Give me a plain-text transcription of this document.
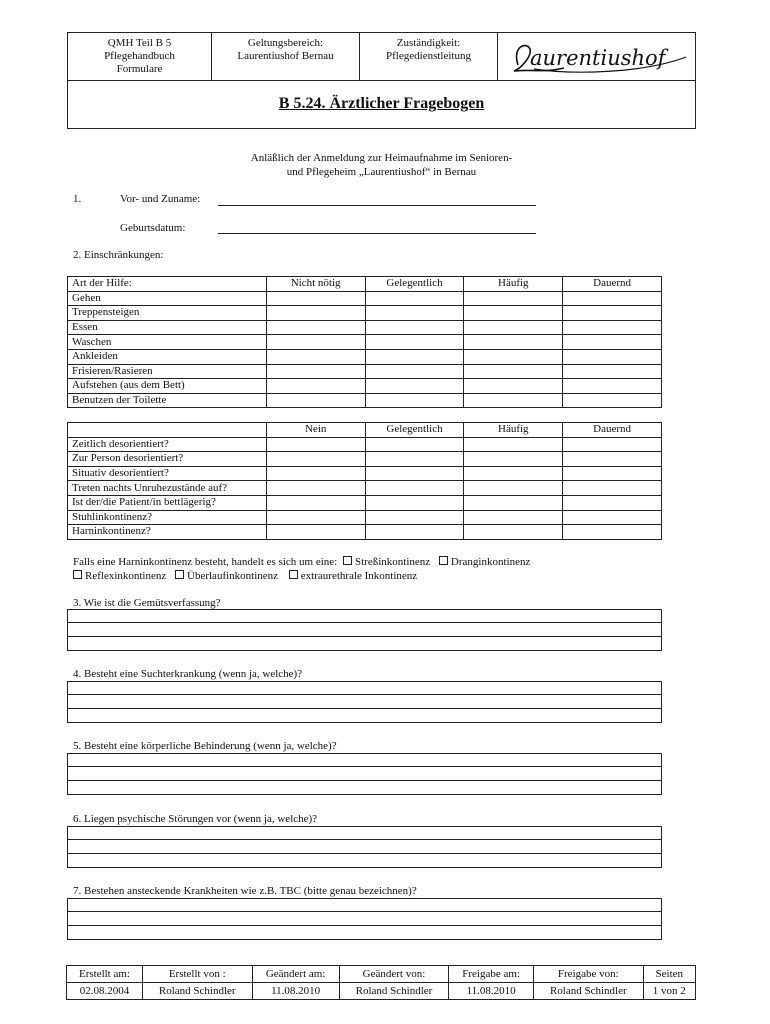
QMH Teil B 5
Pflegehandbuch
Formulare
Geltungsbereich:
Laurentiushof Bernau
Zuständigkeit:
Pflegedienstleitung	aurentiushof
B 5.24. Ärztlicher Fragebogen
Anläßlich der Anmeldung zur Heimaufnahme im Senioren-
und Pflegeheim „Laurentiushof“ in Bernau
1.	Vor- und Zuname:
Geburtsdatum:
2. Einschränkungen:
Art der Hilfe:	Nicht nötig	Gelegentlich	Häufig	Dauernd
Gehen				
Treppensteigen				
Essen				
Waschen				
Ankleiden				
Frisieren/Rasieren				
Aufstehen (aus dem Bett)				
Benutzen der Toilette				
	Nein	Gelegentlich	Häufig	Dauernd
Zeitlich desorientiert?				
Zur Person desorientiert?				
Situativ desorientiert?				
Treten nachts Unruhezustände auf?				
Ist der/die Patient/in bettlägerig?				
Stuhlinkontinenz?				
Harninkontinenz?				
Falls eine Harninkontinenz besteht, handelt es sich um eine: Streßinkontinenz Dranginkontinenz
Reflexinkontinenz Überlaufinkontinenz extraurethrale Inkontinenz
3. Wie ist die Gemütsverfassung?
4. Besteht eine Suchterkrankung (wenn ja, welche)?
5. Besteht eine körperliche Behinderung (wenn ja, welche)?
6. Liegen psychische Störungen vor (wenn ja, welche)?
7. Bestehen ansteckende Krankheiten wie z.B. TBC (bitte genau bezeichnen)?
Erstellt am:	Erstellt von :	Geändert am:	Geändert von:	Freigabe am:	Freigabe von:	Seiten
02.08.2004	Roland Schindler	11.08.2010	Roland Schindler	11.08.2010	Roland Schindler	1 von 2
